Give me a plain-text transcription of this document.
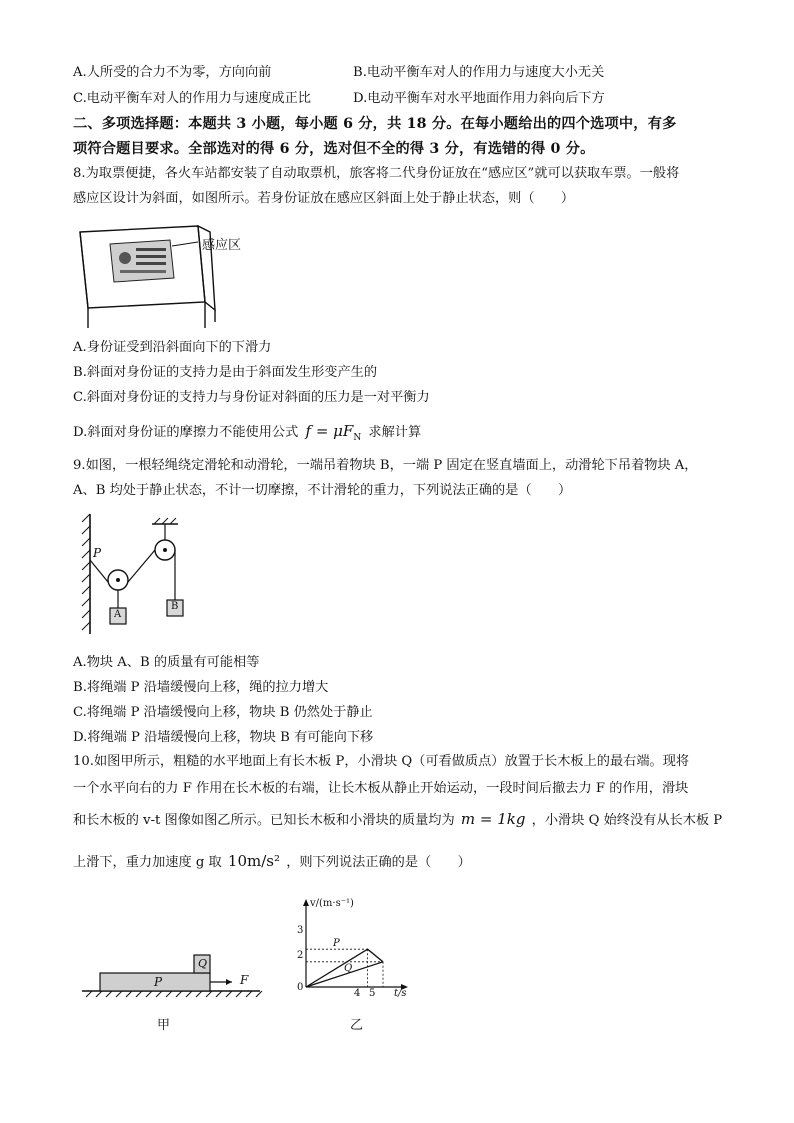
A.人所受的合力不为零，方向向前	B.电动平衡车对人的作用力与速度大小无关
C.电动平衡车对人的作用力与速度成正比	D.电动平衡车对水平地面作用力斜向后下方
二、多项选择题：本题共 3 小题，每小题 6 分，共 18 分。在每小题给出的四个选项中，有多
项符合题目要求。全部选对的得 6 分，选对但不全的得 3 分，有选错的得 0 分。
8.为取票便捷，各火车站都安装了自动取票机，旅客将二代身份证放在“感应区”就可以获取车票。一般将
感应区设计为斜面，如图所示。若身份证放在感应区斜面上处于静止状态，则（　　）
感应区
A.身份证受到沿斜面向下的下滑力
B.斜面对身份证的支持力是由于斜面发生形变产生的
C.斜面对身份证的支持力与身份证对斜面的压力是一对平衡力
D.斜面对身份证的摩擦力不能使用公式 $f = \mu F_N$ 求解计算
9.如图，一根轻绳绕定滑轮和动滑轮，一端吊着物块 B，一端 P 固定在竖直墙面上，动滑轮下吊着物块 A，
A、B 均处于静止状态，不计一切摩擦，不计滑轮的重力，下列说法正确的是（　　）
P
A
B
A.物块 A、B 的质量有可能相等
B.将绳端 P 沿墙缓慢向上移，绳的拉力增大
C.将绳端 P 沿墙缓慢向上移，物块 B 仍然处于静止
D.将绳端 P 沿墙缓慢向上移，物块 B 有可能向下移
10.如图甲所示，粗糙的水平地面上有长木板 P，小滑块 Q（可看做质点）放置于长木板上的最右端。现将
一个水平向右的力 F 作用在长木板的右端，让长木板从静止开始运动，一段时间后撤去力 F 的作用，滑块
和长木板的 v-t 图像如图乙所示。已知长木板和小滑块的质量均为 m = 1kg ，小滑块 Q 始终没有从长木板 P
上滑下，重力加速度 g 取 10m/s² ，则下列说法正确的是（　　）
P
Q
F
甲
v/(m·s⁻¹)
t/s
3
2
0
4 5
P
Q
乙
